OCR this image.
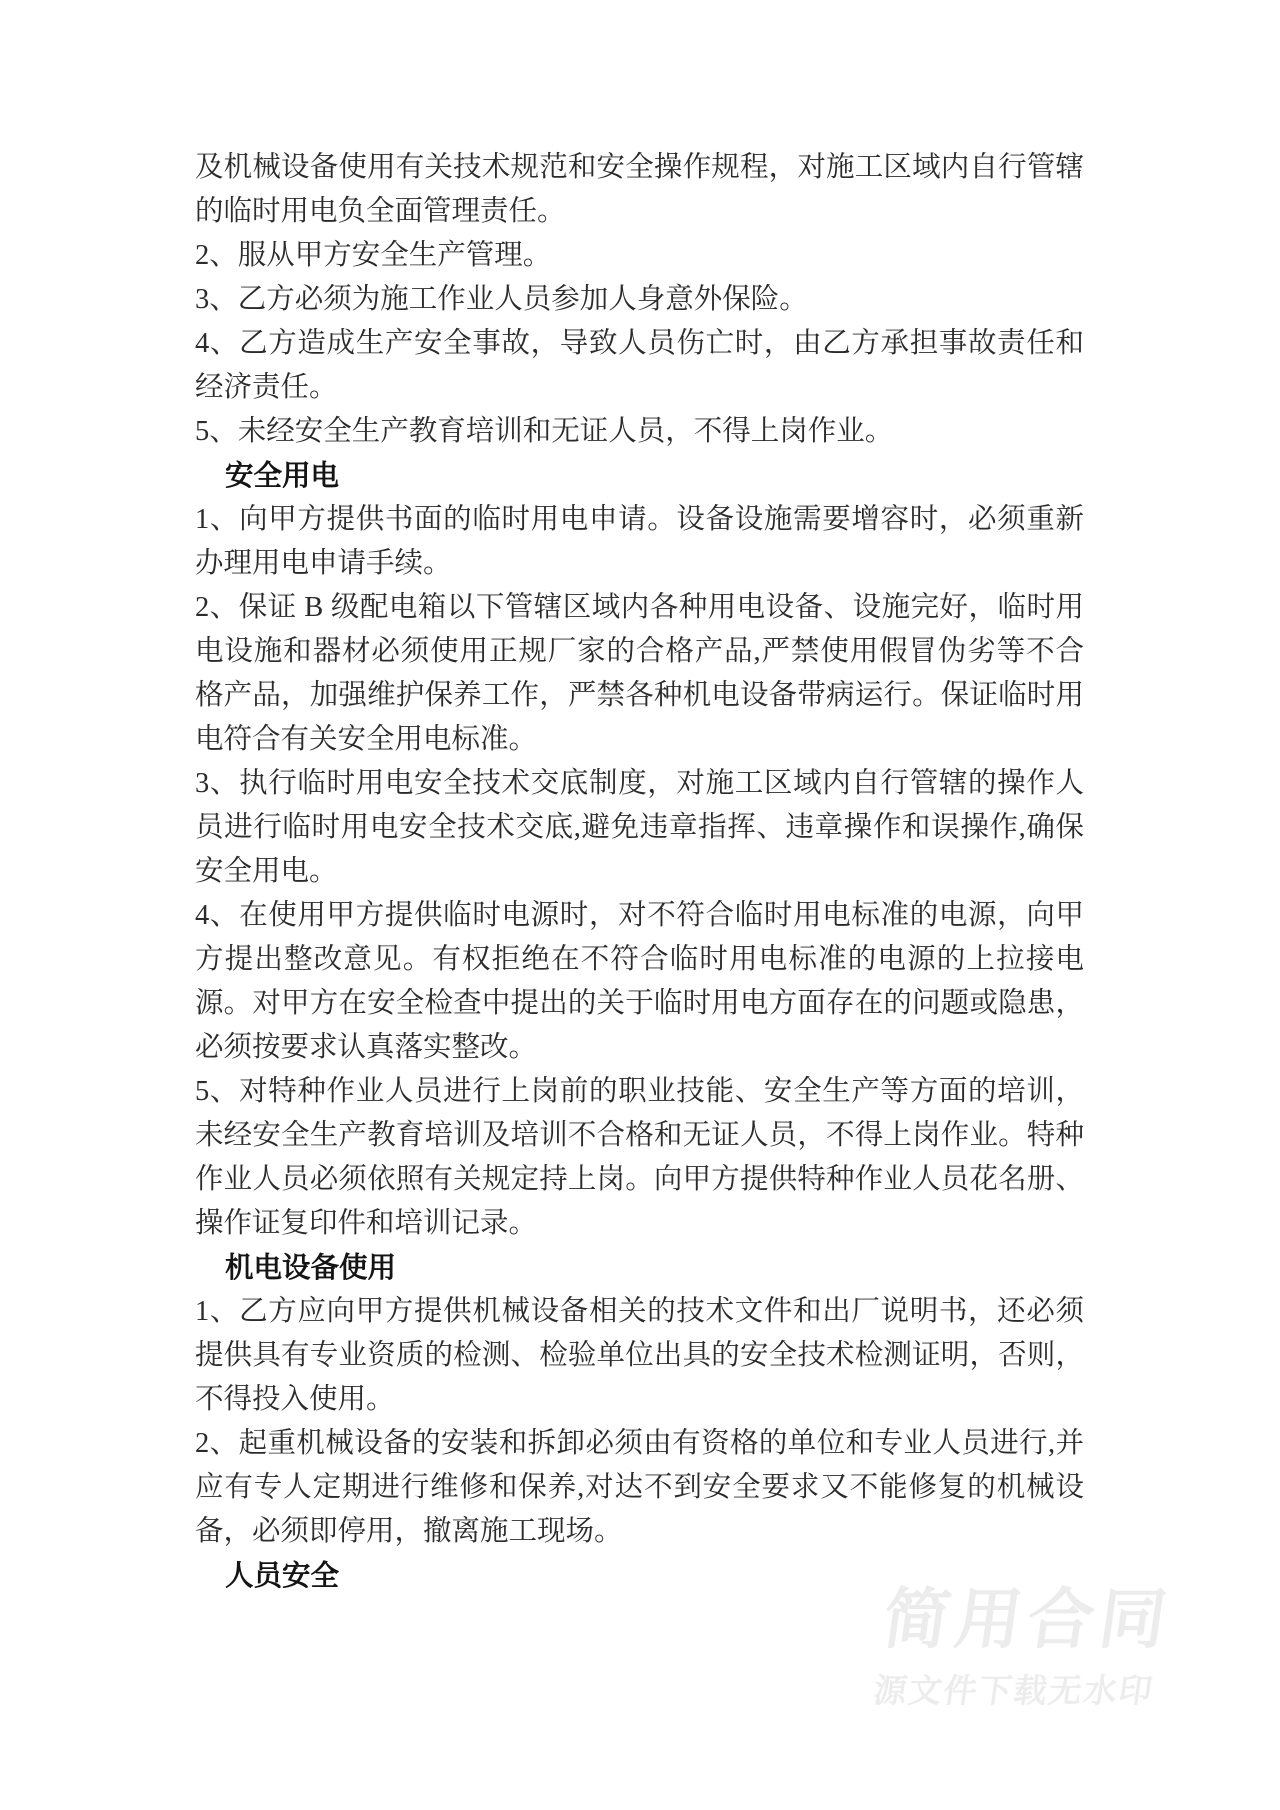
简用合同
源文件下载无水印

及机械设备使用有关技术规范和安全操作规程，对施工区域内自行管辖的临时用电负全面管理责任。

2、服从甲方安全生产管理。

3、乙方必须为施工作业人员参加人身意外保险。

4、乙方造成生产安全事故，导致人员伤亡时，由乙方承担事故责任和经济责任。

5、未经安全生产教育培训和无证人员，不得上岗作业。

安全用电

1、向甲方提供书面的临时用电申请。设备设施需要增容时，必须重新办理用电申请手续。

2、保证 B 级配电箱以下管辖区域内各种用电设备、设施完好，临时用电设施和器材必须使用正规厂家的合格产品,严禁使用假冒伪劣等不合格产品，加强维护保养工作，严禁各种机电设备带病运行。保证临时用电符合有关安全用电标准。

3、执行临时用电安全技术交底制度，对施工区域内自行管辖的操作人员进行临时用电安全技术交底,避免违章指挥、违章操作和误操作,确保安全用电。

4、在使用甲方提供临时电源时，对不符合临时用电标准的电源，向甲方提出整改意见。有权拒绝在不符合临时用电标准的电源的上拉接电源。对甲方在安全检查中提出的关于临时用电方面存在的问题或隐患，必须按要求认真落实整改。

5、对特种作业人员进行上岗前的职业技能、安全生产等方面的培训，未经安全生产教育培训及培训不合格和无证人员，不得上岗作业。特种作业人员必须依照有关规定持上岗。向甲方提供特种作业人员花名册、操作证复印件和培训记录。

机电设备使用

1、乙方应向甲方提供机械设备相关的技术文件和出厂说明书，还必须提供具有专业资质的检测、检验单位出具的安全技术检测证明，否则，不得投入使用。

2、起重机械设备的安装和拆卸必须由有资格的单位和专业人员进行,并应有专人定期进行维修和保养,对达不到安全要求又不能修复的机械设备，必须即停用，撤离施工现场。

人员安全
